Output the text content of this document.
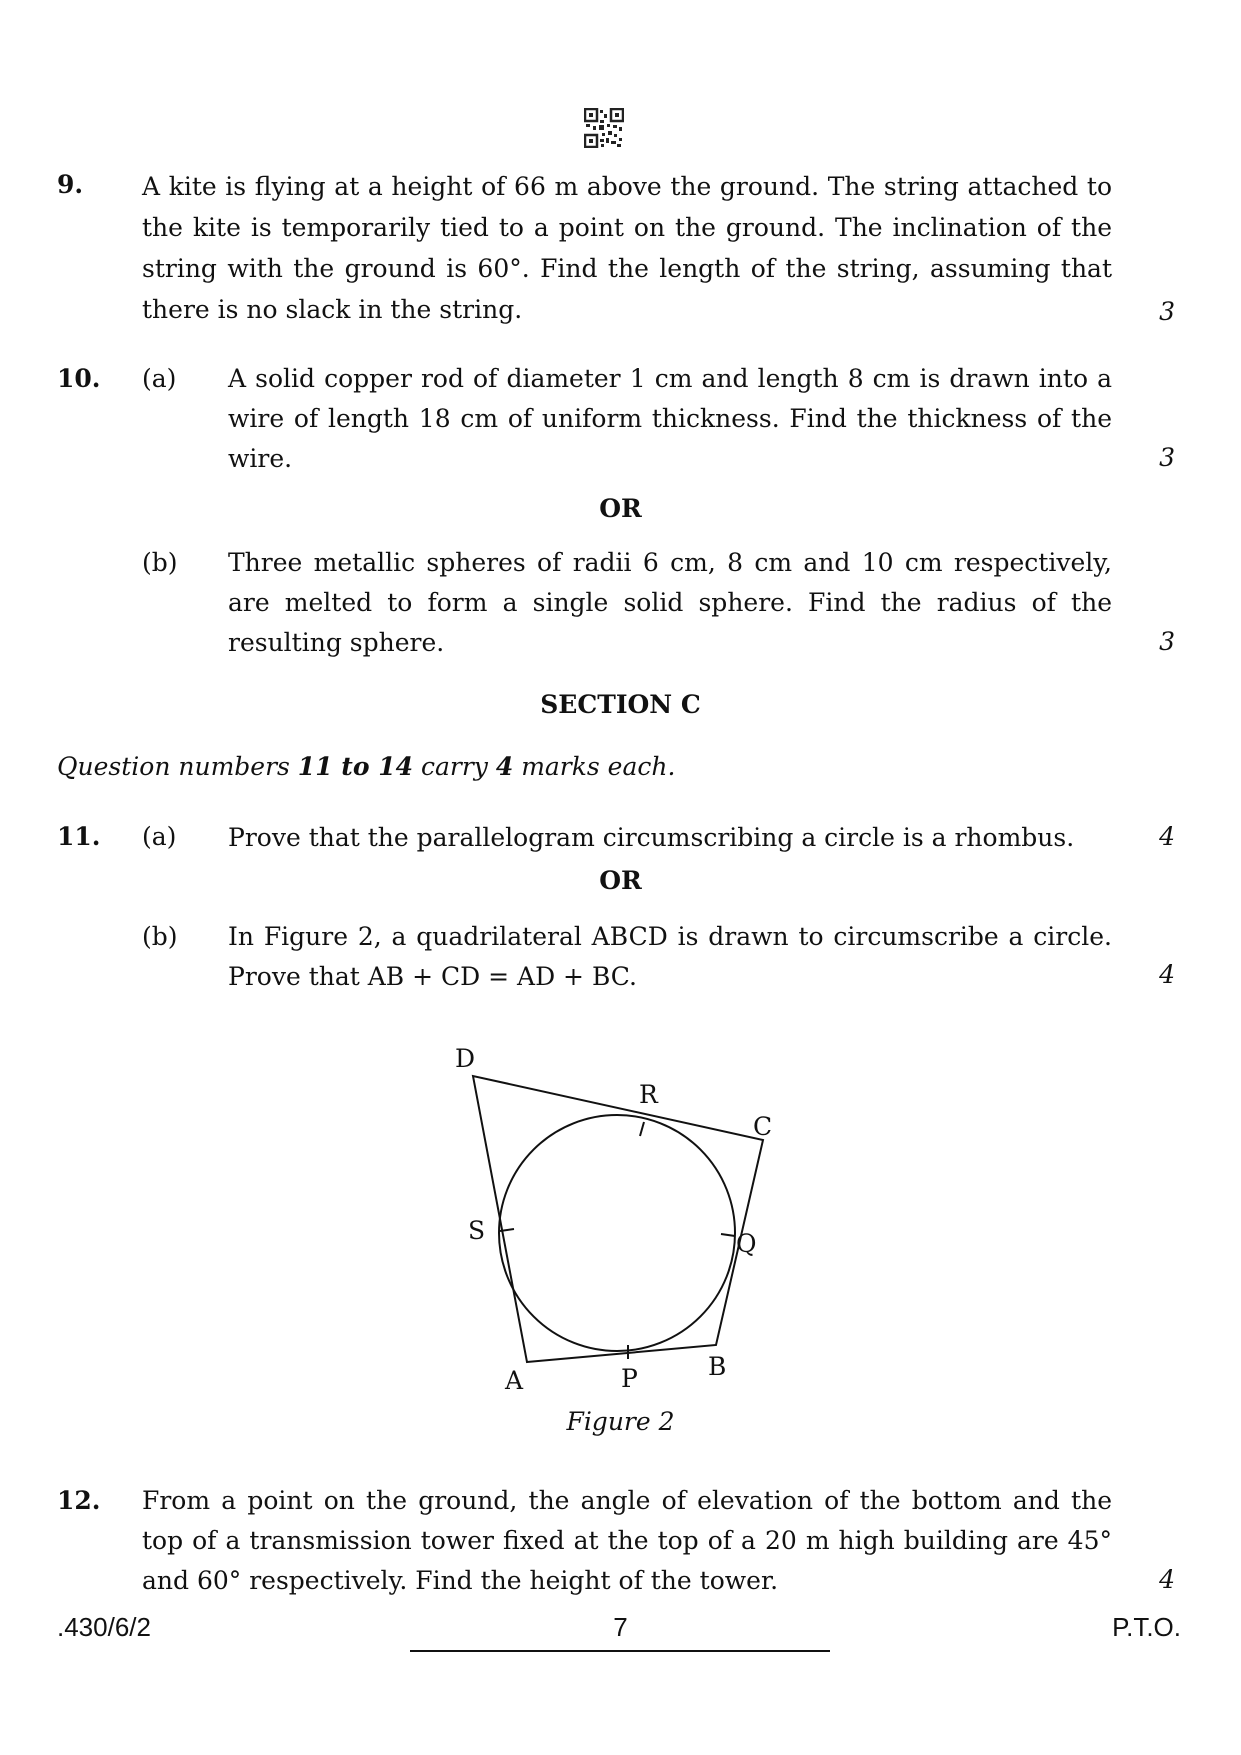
9. A kite is flying at a height of 66 m above the ground. The string attached to the kite is temporarily tied to a point on the ground. The inclination of the string with the ground is 60°. Find the length of the string, assuming that there is no slack in the string.	3
10. (a) A solid copper rod of diameter 1 cm and length 8 cm is drawn into a wire of length 18 cm of uniform thickness. Find the thickness of the wire.	3
OR
(b) Three metallic spheres of radii 6 cm, 8 cm and 10 cm respectively, are melted to form a single solid sphere. Find the radius of the resulting sphere.	3
SECTION C
Question numbers 11 to 14 carry 4 marks each.
11. (a) Prove that the parallelogram circumscribing a circle is a rhombus.	4
OR
(b) In Figure 2, a quadrilateral ABCD is drawn to circumscribe a circle. Prove that AB + CD = AD + BC.	4
D
R
C
S	Q
A	P	B
Figure 2
12. From a point on the ground, the angle of elevation of the bottom and the top of a transmission tower fixed at the top of a 20 m high building are 45° and 60° respectively. Find the height of the tower.	4
.430/6/2	7	P.T.O.
